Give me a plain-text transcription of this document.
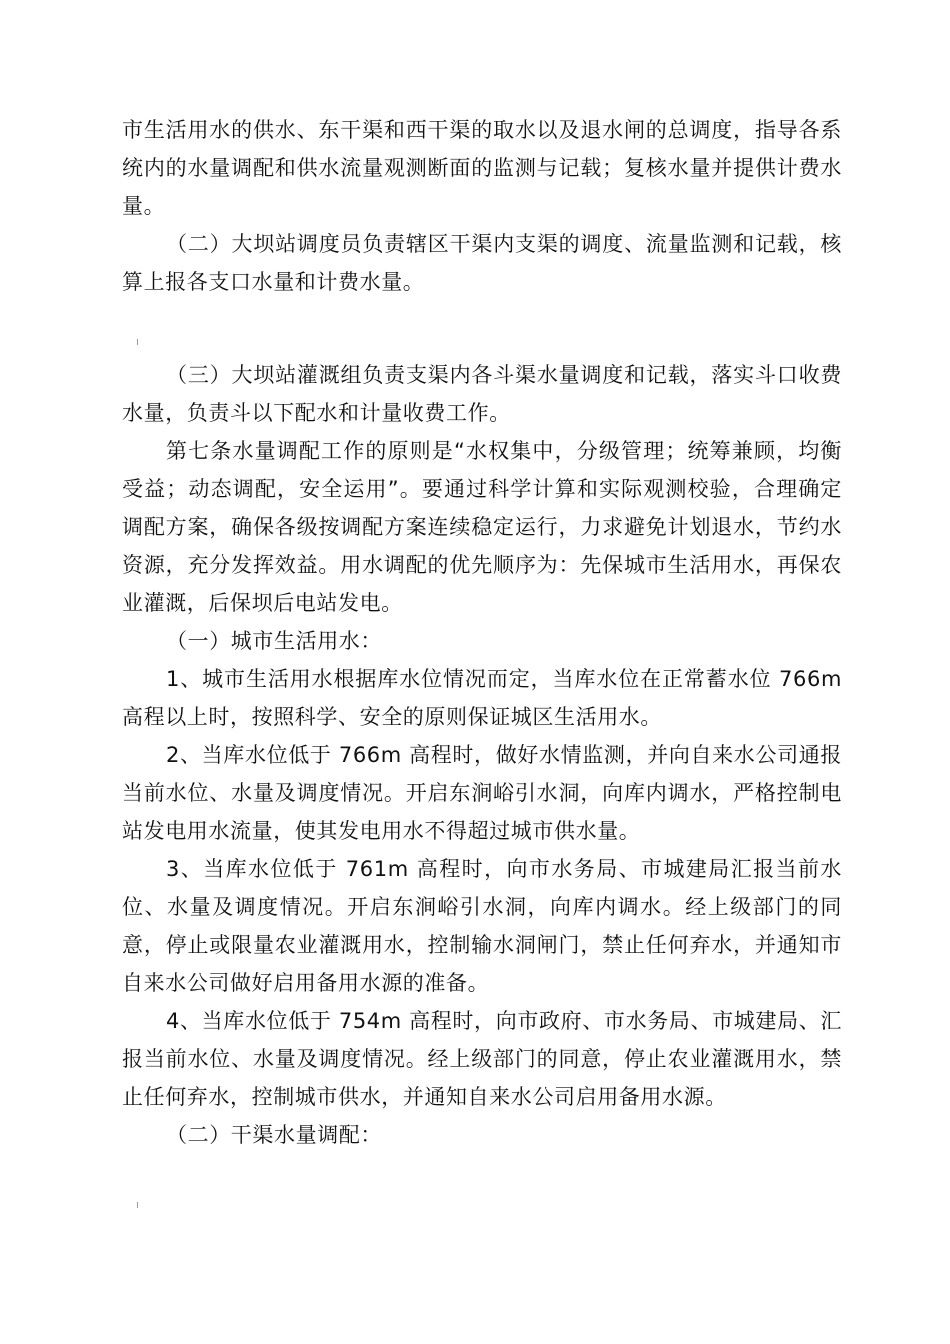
市生活用水的供水、东干渠和西干渠的取水以及退水闸的总调度，指导各系统内的水量调配和供水流量观测断面的监测与记载；复核水量并提供计费水量。

（二）大坝站调度员负责辖区干渠内支渠的调度、流量监测和记载，核算上报各支口水量和计费水量。

（三）大坝站灌溉组负责支渠内各斗渠水量调度和记载，落实斗口收费水量，负责斗以下配水和计量收费工作。

第七条水量调配工作的原则是“水权集中，分级管理；统筹兼顾，均衡受益；动态调配，安全运用”。要通过科学计算和实际观测校验，合理确定调配方案，确保各级按调配方案连续稳定运行，力求避免计划退水，节约水资源，充分发挥效益。用水调配的优先顺序为：先保城市生活用水，再保农业灌溉，后保坝后电站发电。

（一）城市生活用水：

1、城市生活用水根据库水位情况而定，当库水位在正常蓄水位 766m 高程以上时，按照科学、安全的原则保证城区生活用水。

2、当库水位低于 766m 高程时，做好水情监测，并向自来水公司通报当前水位、水量及调度情况。开启东涧峪引水洞，向库内调水，严格控制电站发电用水流量，使其发电用水不得超过城市供水量。

3、当库水位低于 761m 高程时，向市水务局、市城建局汇报当前水位、水量及调度情况。开启东涧峪引水洞，向库内调水。经上级部门的同意，停止或限量农业灌溉用水，控制输水洞闸门，禁止任何弃水，并通知市自来水公司做好启用备用水源的准备。

4、当库水位低于 754m 高程时，向市政府、市水务局、市城建局、汇报当前水位、水量及调度情况。经上级部门的同意，停止农业灌溉用水，禁止任何弃水，控制城市供水，并通知自来水公司启用备用水源。

（二）干渠水量调配：
